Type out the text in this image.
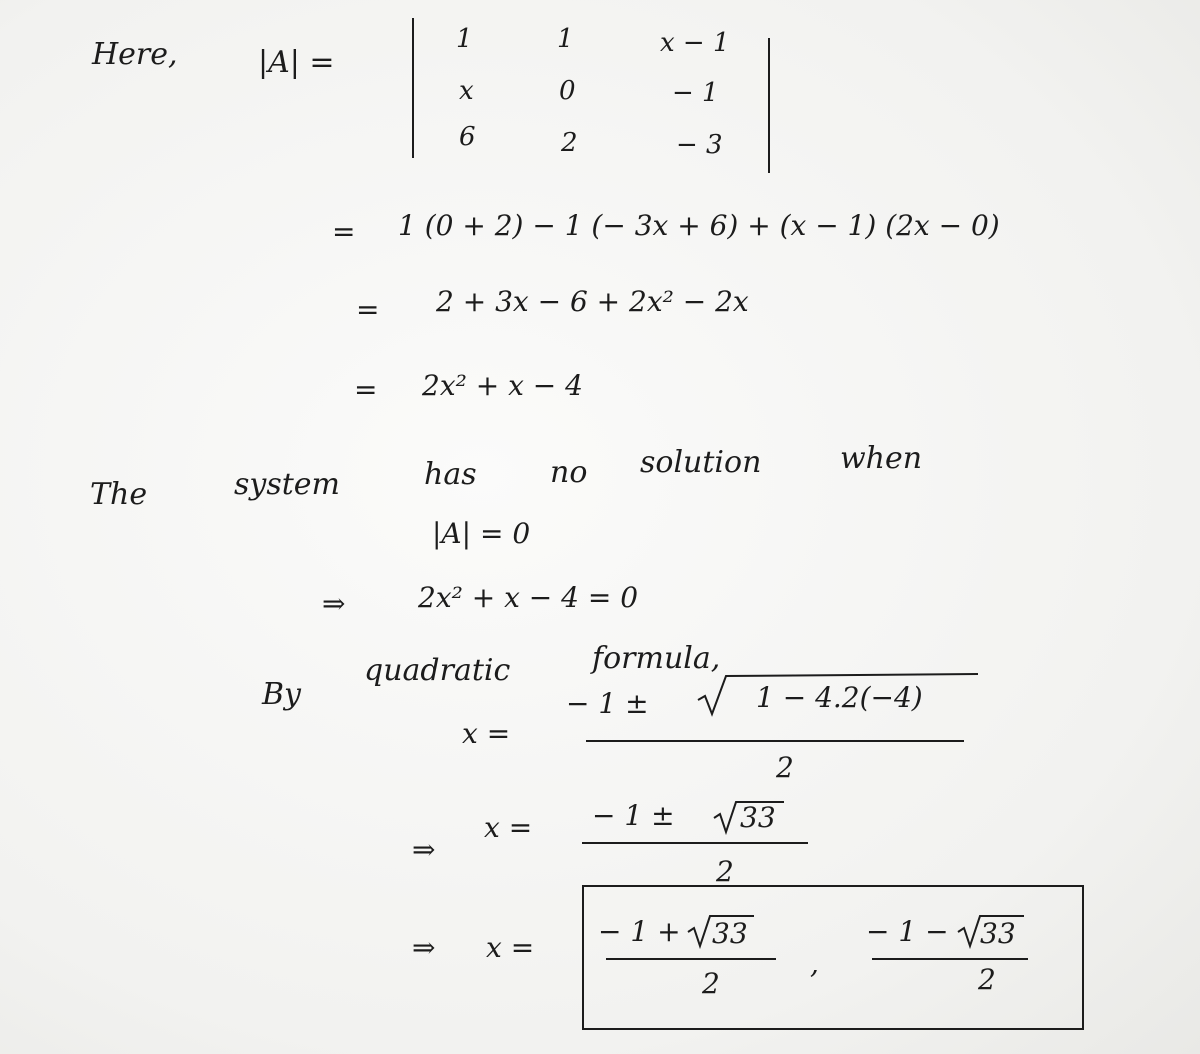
Here,	|A| =
1	1	x − 1
x	0	− 1
6	2	− 3
= 1 (0 + 2) − 1 (− 3x + 6) + (x − 1) (2x − 0)
= 2 + 3x − 6 + 2x² − 2x
= 2x² + x − 4
The	system	has no solution	when
|A| = 0
⇒	2x² + x − 4 = 0
By
quadratic	formula,
x =
− 1 ±	1 − 4.2(−4)
2
⇒
x = − 1 ± 33
2
⇒ x = − 1 + 33
2
,
− 1 − 33
2
